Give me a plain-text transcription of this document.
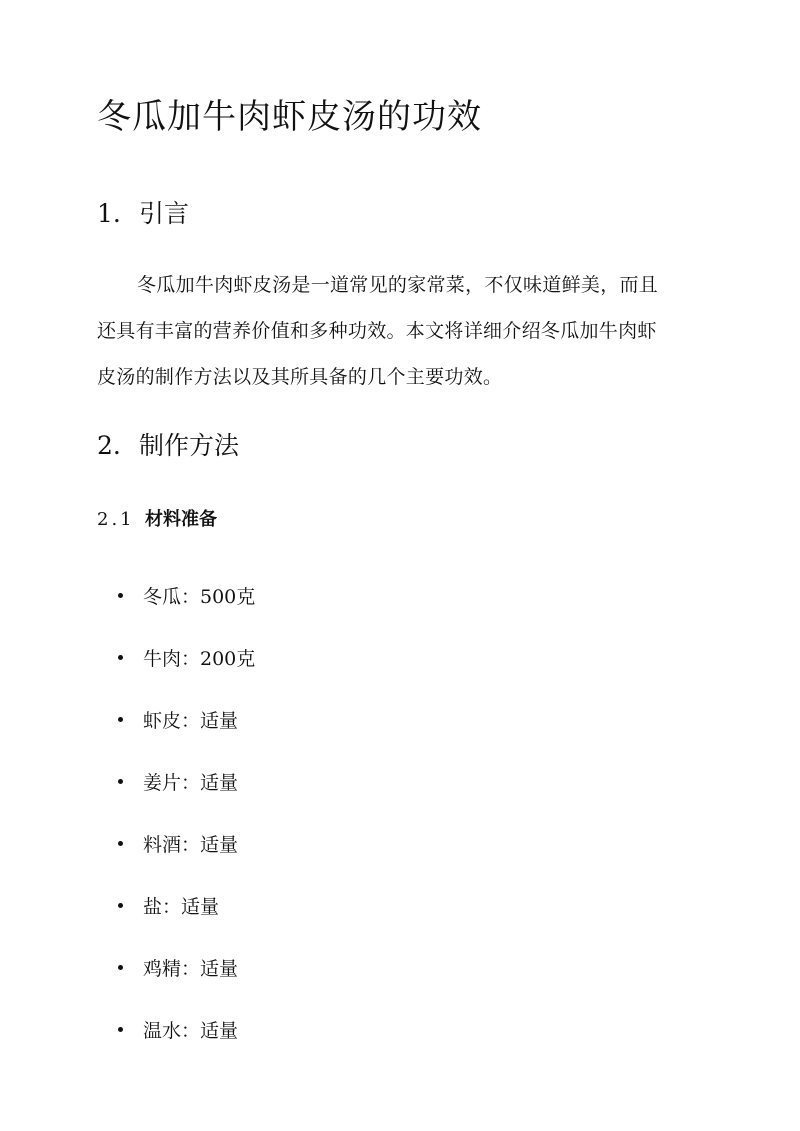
冬瓜加牛肉虾皮汤的功效
1. 引言

冬瓜加牛肉虾皮汤是一道常见的家常菜，不仅味道鲜美，而且
还具有丰富的营养价值和多种功效。本文将详细介绍冬瓜加牛肉虾
皮汤的制作方法以及其所具备的几个主要功效。

2. 制作方法
2.1 材料准备
冬瓜：500克
牛肉：200克
虾皮：适量
姜片：适量
料酒：适量
盐：适量
鸡精：适量
温水：适量
